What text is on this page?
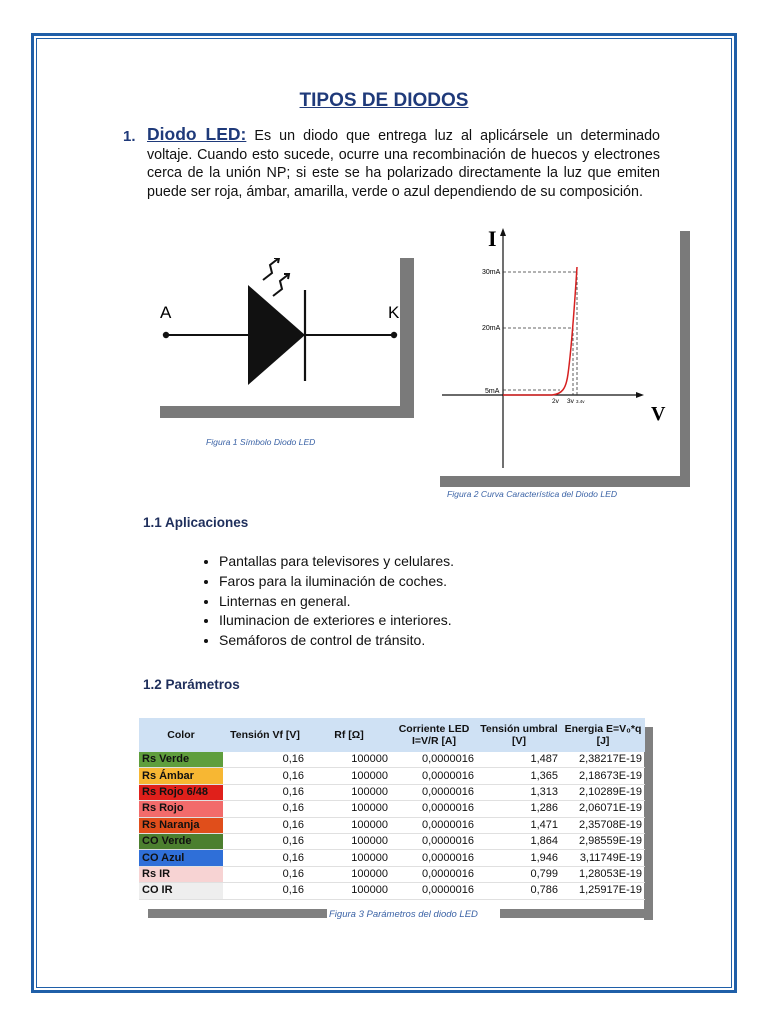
TIPOS DE DIODOS
1. Diodo LED: Es un diodo que entrega luz al aplicársele un determinado voltaje. Cuando esto sucede, ocurre una recombinación de huecos y electrones cerca de la unión NP; si este se ha polarizado directamente la luz que emiten puede ser roja, ámbar, amarilla, verde o azul dependiendo de su composición.
A	K
Figura 1 Símbolo Diodo LED
30mA
20mA
5mA
2v 3v 3.4v
I
V
Figura 2 Curva Característica del Diodo LED
1.1 Aplicaciones
• Pantallas para televisores y celulares.
• Faros para la iluminación de coches.
• Linternas en general.
• Iluminacion de exteriores e interiores.
• Semáforos de control de tránsito.
1.2 Parámetros
Color	Tensión Vf [V]	Rf [Ω]	Corriente LED I=V/R [A]	Tensión umbral [V]	Energia E=V₀*q [J]
Rs Verde	0,16	100000	0,0000016	1,487	2,38217E-19
Rs Ámbar	0,16	100000	0,0000016	1,365	2,18673E-19
Rs Rojo 6/48	0,16	100000	0,0000016	1,313	2,10289E-19
Rs Rojo	0,16	100000	0,0000016	1,286	2,06071E-19
Rs Naranja	0,16	100000	0,0000016	1,471	2,35708E-19
CO Verde	0,16	100000	0,0000016	1,864	2,98559E-19
CO Azul	0,16	100000	0,0000016	1,946	3,11749E-19
Rs IR	0,16	100000	0,0000016	0,799	1,28053E-19
CO IR	0,16	100000	0,0000016	0,786	1,25917E-19
Figura 3 Parámetros del diodo LED
